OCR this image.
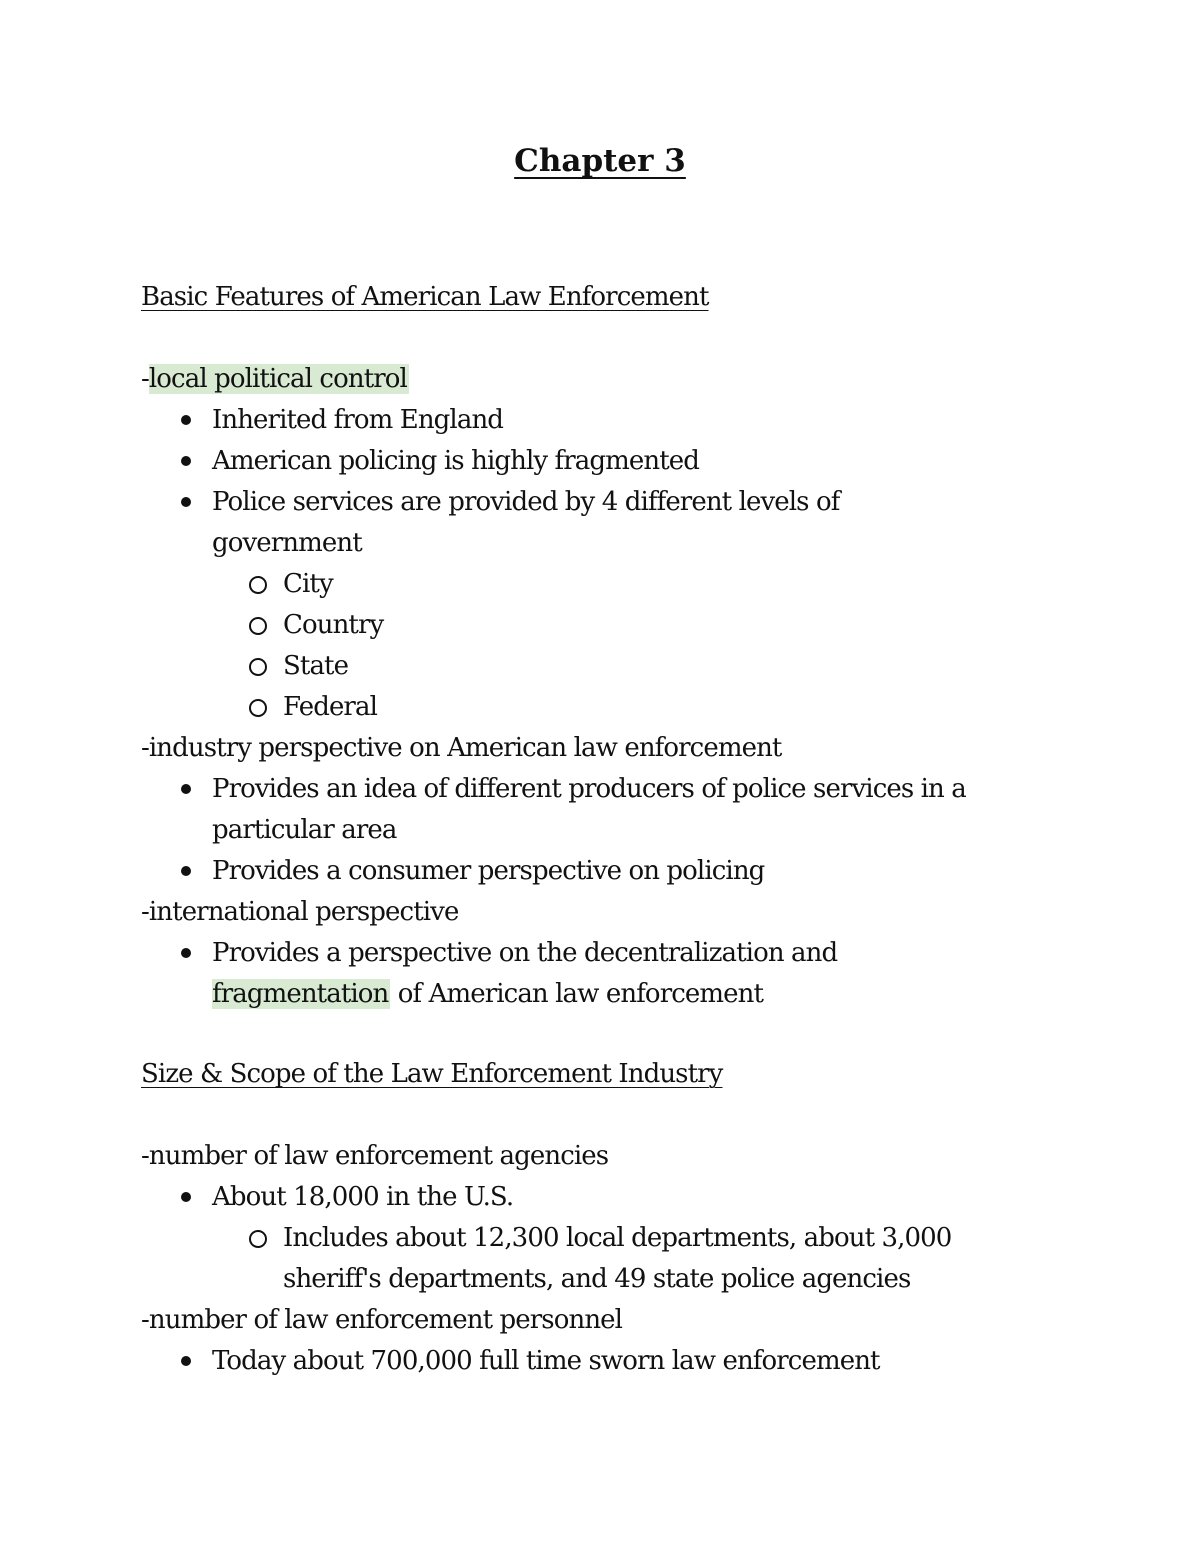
Chapter 3
Basic Features of American Law Enforcement
-local political control
Inherited from England
American policing is highly fragmented
Police services are provided by 4 different levels of
government
City
Country
State
Federal
-industry perspective on American law enforcement
Provides an idea of different producers of police services in a
particular area
Provides a consumer perspective on policing
-international perspective
Provides a perspective on the decentralization and
fragmentation of American law enforcement
Size & Scope of the Law Enforcement Industry
-number of law enforcement agencies
About 18,000 in the U.S.
Includes about 12,300 local departments, about 3,000
sheriff's departments, and 49 state police agencies
-number of law enforcement personnel
Today about 700,000 full time sworn law enforcement
